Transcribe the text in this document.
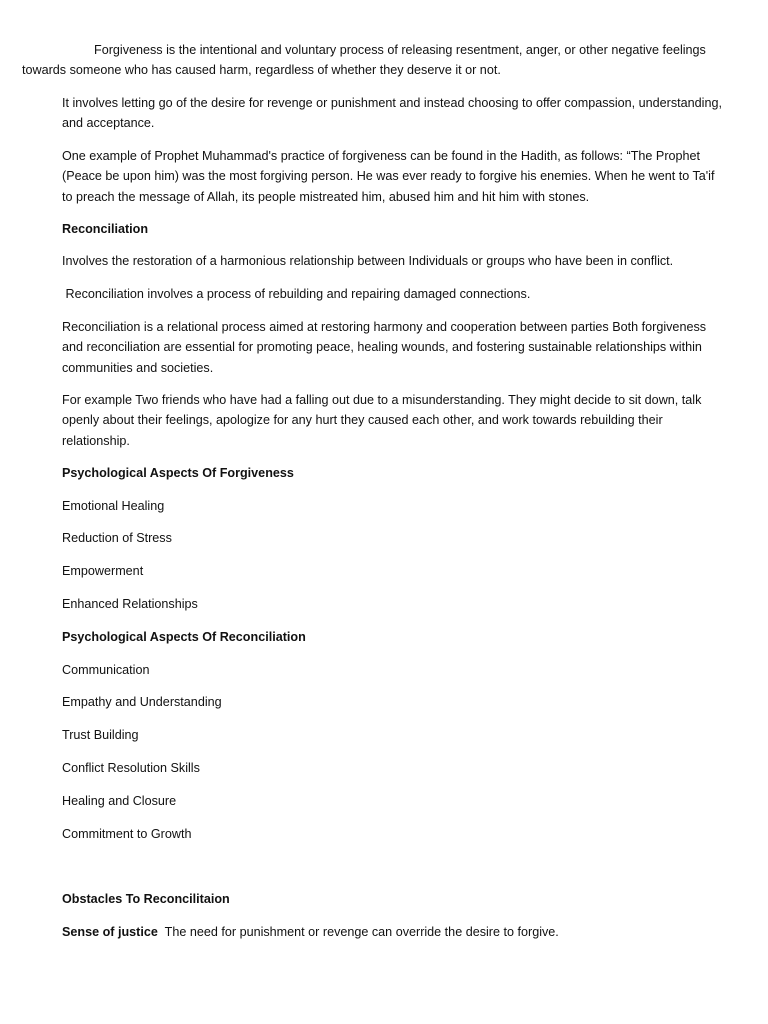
Forgiveness is the intentional and voluntary process of releasing resentment, anger, or other negative feelings towards someone who has caused harm, regardless of whether they deserve it or not.

It involves letting go of the desire for revenge or punishment and instead choosing to offer compassion, understanding, and acceptance.

One example of Prophet Muhammad's practice of forgiveness can be found in the Hadith, as follows: “The Prophet (Peace be upon him) was the most forgiving person. He was ever ready to forgive his enemies. When he went to Ta'if to preach the message of Allah, its people mistreated him, abused him and hit him with stones.

Reconciliation

Involves the restoration of a harmonious relationship between Individuals or groups who have been in conflict.

Reconciliation involves a process of rebuilding and repairing damaged connections.

Reconciliation is a relational process aimed at restoring harmony and cooperation between parties Both forgiveness and reconciliation are essential for promoting peace, healing wounds, and fostering sustainable relationships within communities and societies.

For example Two friends who have had a falling out due to a misunderstanding. They might decide to sit down, talk openly about their feelings, apologize for any hurt they caused each other, and work towards rebuilding their relationship.

Psychological Aspects Of Forgiveness

Emotional Healing

Reduction of Stress

Empowerment

Enhanced Relationships

Psychological Aspects Of Reconciliation

Communication

Empathy and Understanding

Trust Building

Conflict Resolution Skills

Healing and Closure

Commitment to Growth

Obstacles To Reconcilitaion

Sense of justice  The need for punishment or revenge can override the desire to forgive.
